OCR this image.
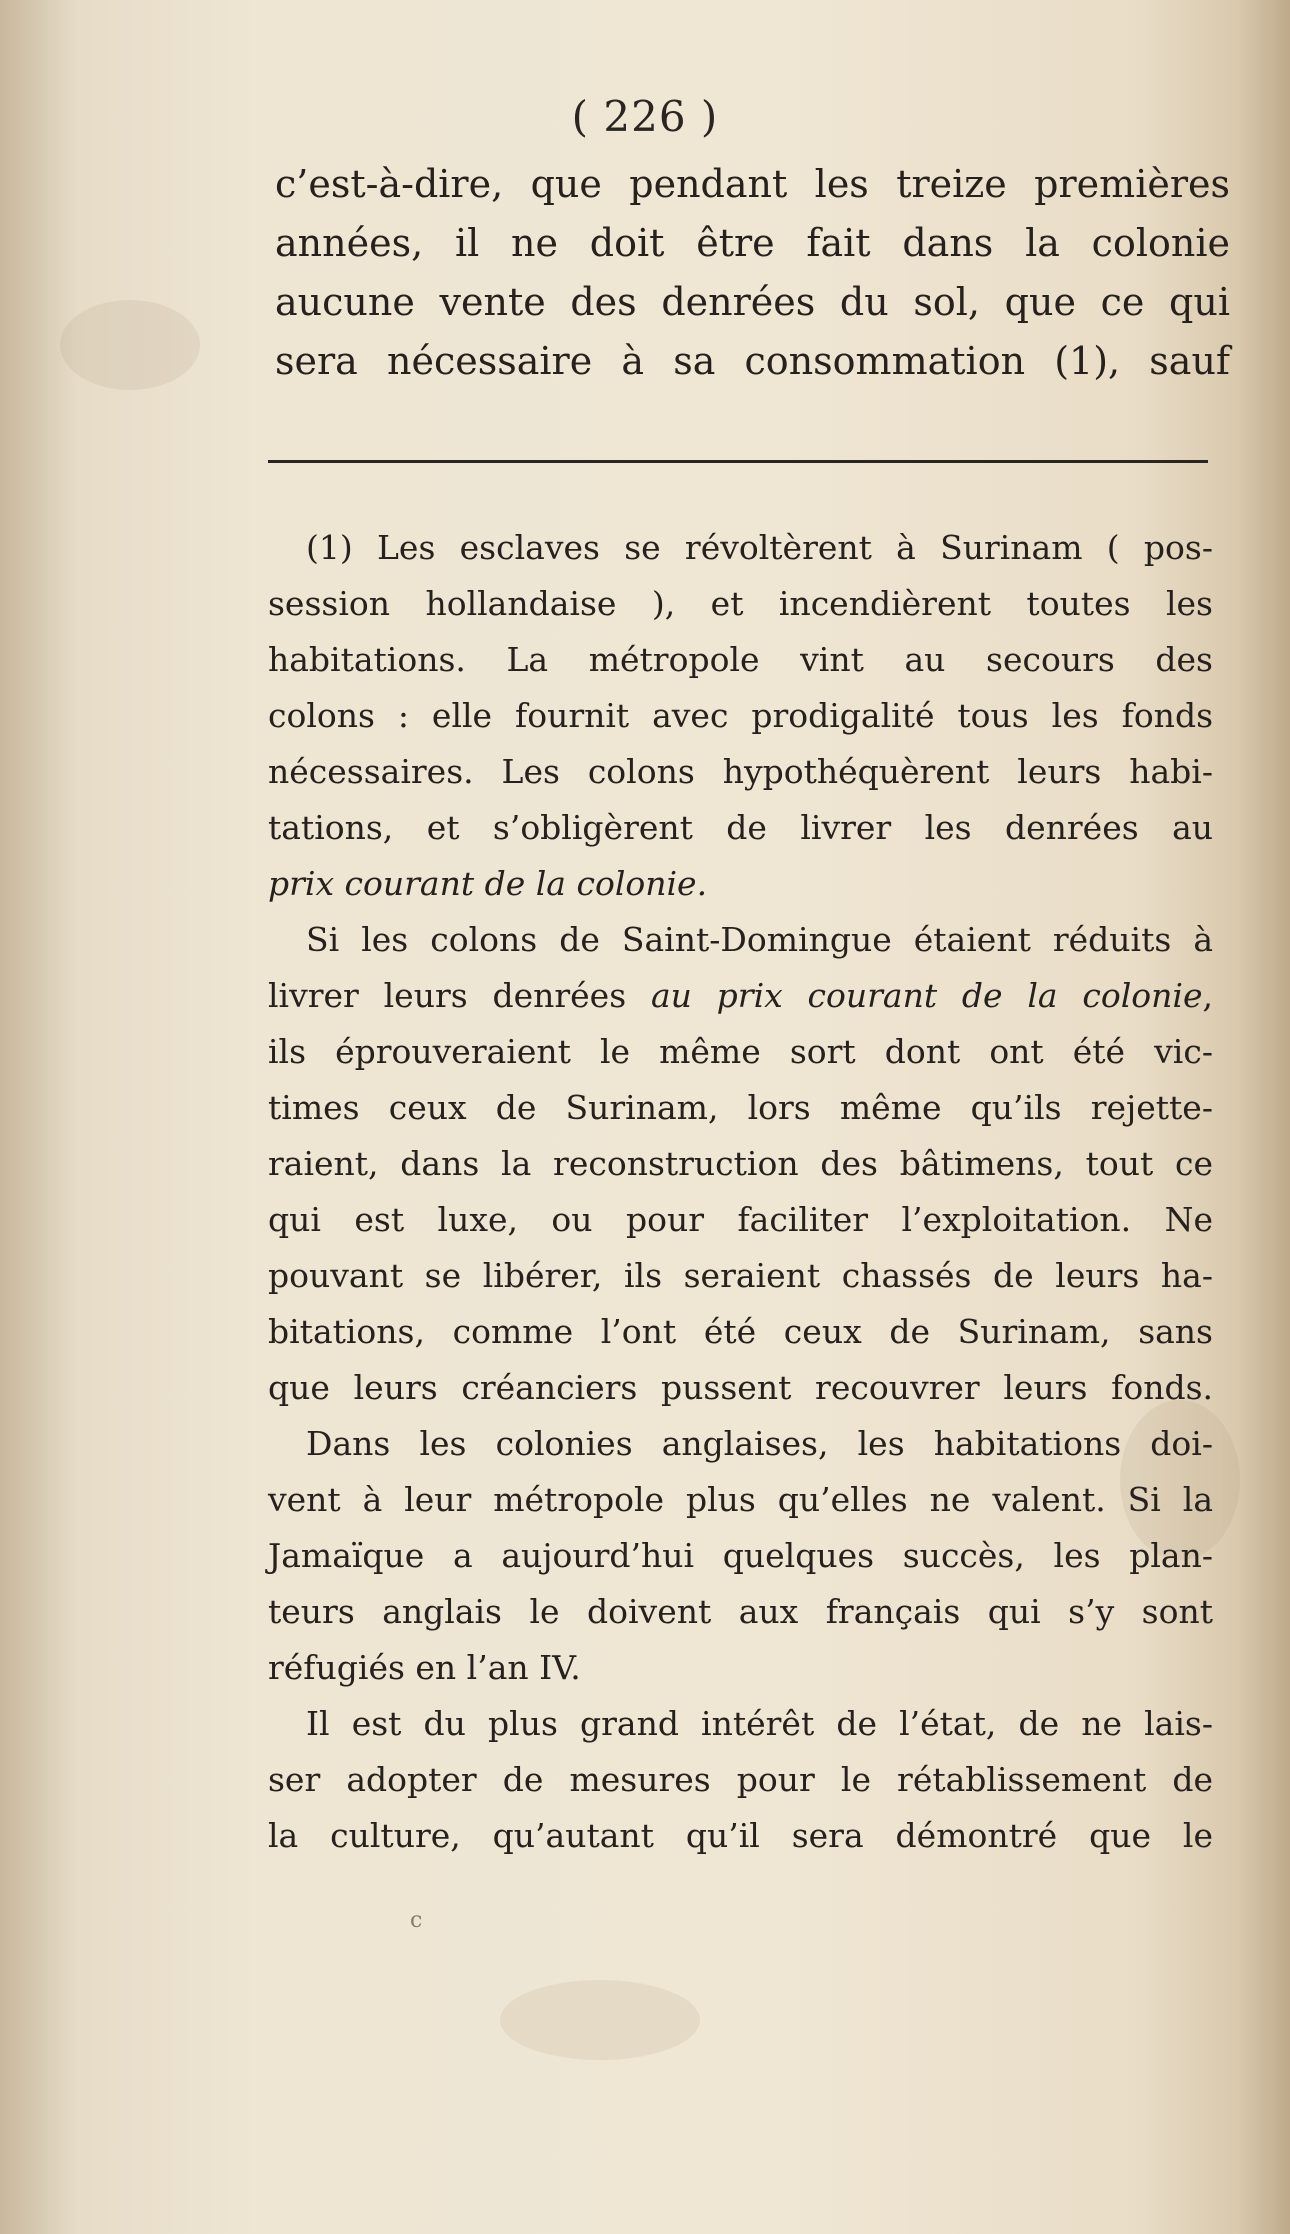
( 226 )
c’est-à-dire, que pendant les treize premières
années, il ne doit être fait dans la colonie
aucune vente des denrées du sol, que ce qui
sera nécessaire à sa consommation (1), sauf
(1) Les esclaves se révoltèrent à Surinam ( pos-
session hollandaise ), et incendièrent toutes les
habitations. La métropole vint au secours des
colons : elle fournit avec prodigalité tous les fonds
nécessaires. Les colons hypothéquèrent leurs habi-
tations, et s’obligèrent de livrer les denrées au
prix courant de la colonie.
Si les colons de Saint-Domingue étaient réduits à
livrer leurs denrées au prix courant de la colonie,
ils éprouveraient le même sort dont ont été vic-
times ceux de Surinam, lors même qu’ils rejette-
raient, dans la reconstruction des bâtimens, tout ce
qui est luxe, ou pour faciliter l’exploitation. Ne
pouvant se libérer, ils seraient chassés de leurs ha-
bitations, comme l’ont été ceux de Surinam, sans
que leurs créanciers pussent recouvrer leurs fonds.
Dans les colonies anglaises, les habitations doi-
vent à leur métropole plus qu’elles ne valent. Si la
Jamaïque a aujourd’hui quelques succès, les plan-
teurs anglais le doivent aux français qui s’y sont
réfugiés en l’an IV.
Il est du plus grand intérêt de l’état, de ne lais-
ser adopter de mesures pour le rétablissement de
la culture, qu’autant qu’il sera démontré que le
c
